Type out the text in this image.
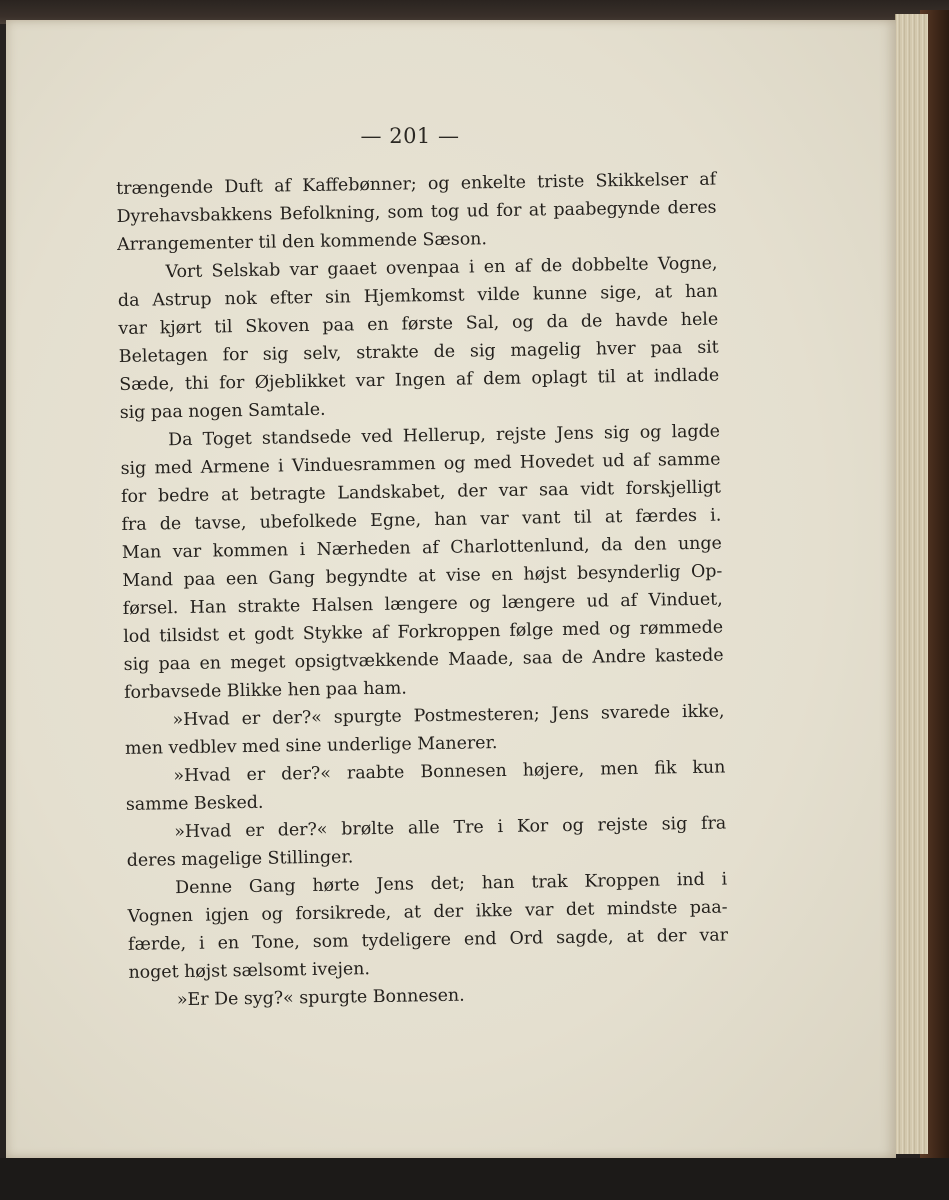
— 201 —
trængende Duft af Kaffebønner; og enkelte triste Skikkelser af
Dyrehavsbakkens Befolkning, som tog ud for at paabegynde deres
Arrangementer til den kommende Sæson.
Vort Selskab var gaaet ovenpaa i en af de dobbelte Vogne,
da Astrup nok efter sin Hjemkomst vilde kunne sige, at han
var kjørt til Skoven paa en første Sal, og da de havde hele
Beletagen for sig selv, strakte de sig magelig hver paa sit
Sæde, thi for Øjeblikket var Ingen af dem oplagt til at indlade
sig paa nogen Samtale.
Da Toget standsede ved Hellerup, rejste Jens sig og lagde
sig med Armene i Vinduesrammen og med Hovedet ud af samme
for bedre at betragte Landskabet, der var saa vidt forskjelligt
fra de tavse, ubefolkede Egne, han var vant til at færdes i.
Man var kommen i Nærheden af Charlottenlund, da den unge
Mand paa een Gang begyndte at vise en højst besynderlig Op-
førsel. Han strakte Halsen længere og længere ud af Vinduet,
lod tilsidst et godt Stykke af Forkroppen følge med og rømmede
sig paa en meget opsigtvækkende Maade, saa de Andre kastede
forbavsede Blikke hen paa ham.
»Hvad er der?« spurgte Postmesteren; Jens svarede ikke,
men vedblev med sine underlige Manerer.
»Hvad er der?« raabte Bonnesen højere, men fik kun
samme Besked.
»Hvad er der?« brølte alle Tre i Kor og rejste sig fra
deres magelige Stillinger.
Denne Gang hørte Jens det; han trak Kroppen ind i
Vognen igjen og forsikrede, at der ikke var det mindste paa-
færde, i en Tone, som tydeligere end Ord sagde, at der var
noget højst sælsomt ivejen.
»Er De syg?« spurgte Bonnesen.
